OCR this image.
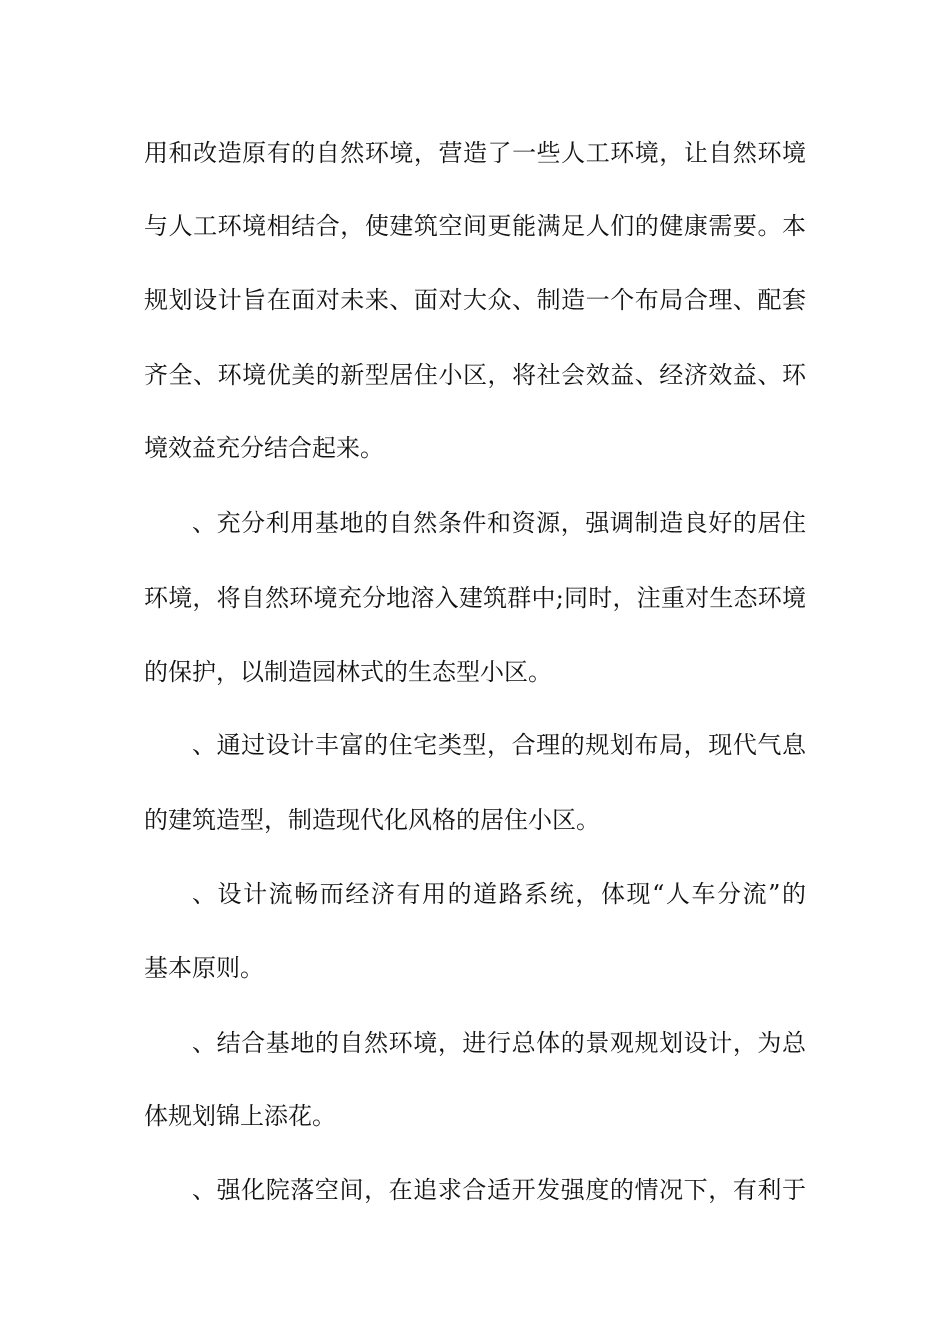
用和改造原有的自然环境，营造了一些人工环境，让自然环境
与人工环境相结合，使建筑空间更能满足人们的健康需要。本
规划设计旨在面对未来、面对大众、制造一个布局合理、配套
齐全、环境优美的新型居住小区，将社会效益、经济效益、环
境效益充分结合起来。
、充分利用基地的自然条件和资源，强调制造良好的居住
环境，将自然环境充分地溶入建筑群中;同时，注重对生态环境
的保护，以制造园林式的生态型小区。
、通过设计丰富的住宅类型，合理的规划布局，现代气息
的建筑造型，制造现代化风格的居住小区。
、设计流畅而经济有用的道路系统，体现“人车分流”的
基本原则。
、结合基地的自然环境，进行总体的景观规划设计，为总
体规划锦上添花。
、强化院落空间，在追求合适开发强度的情况下，有利于
